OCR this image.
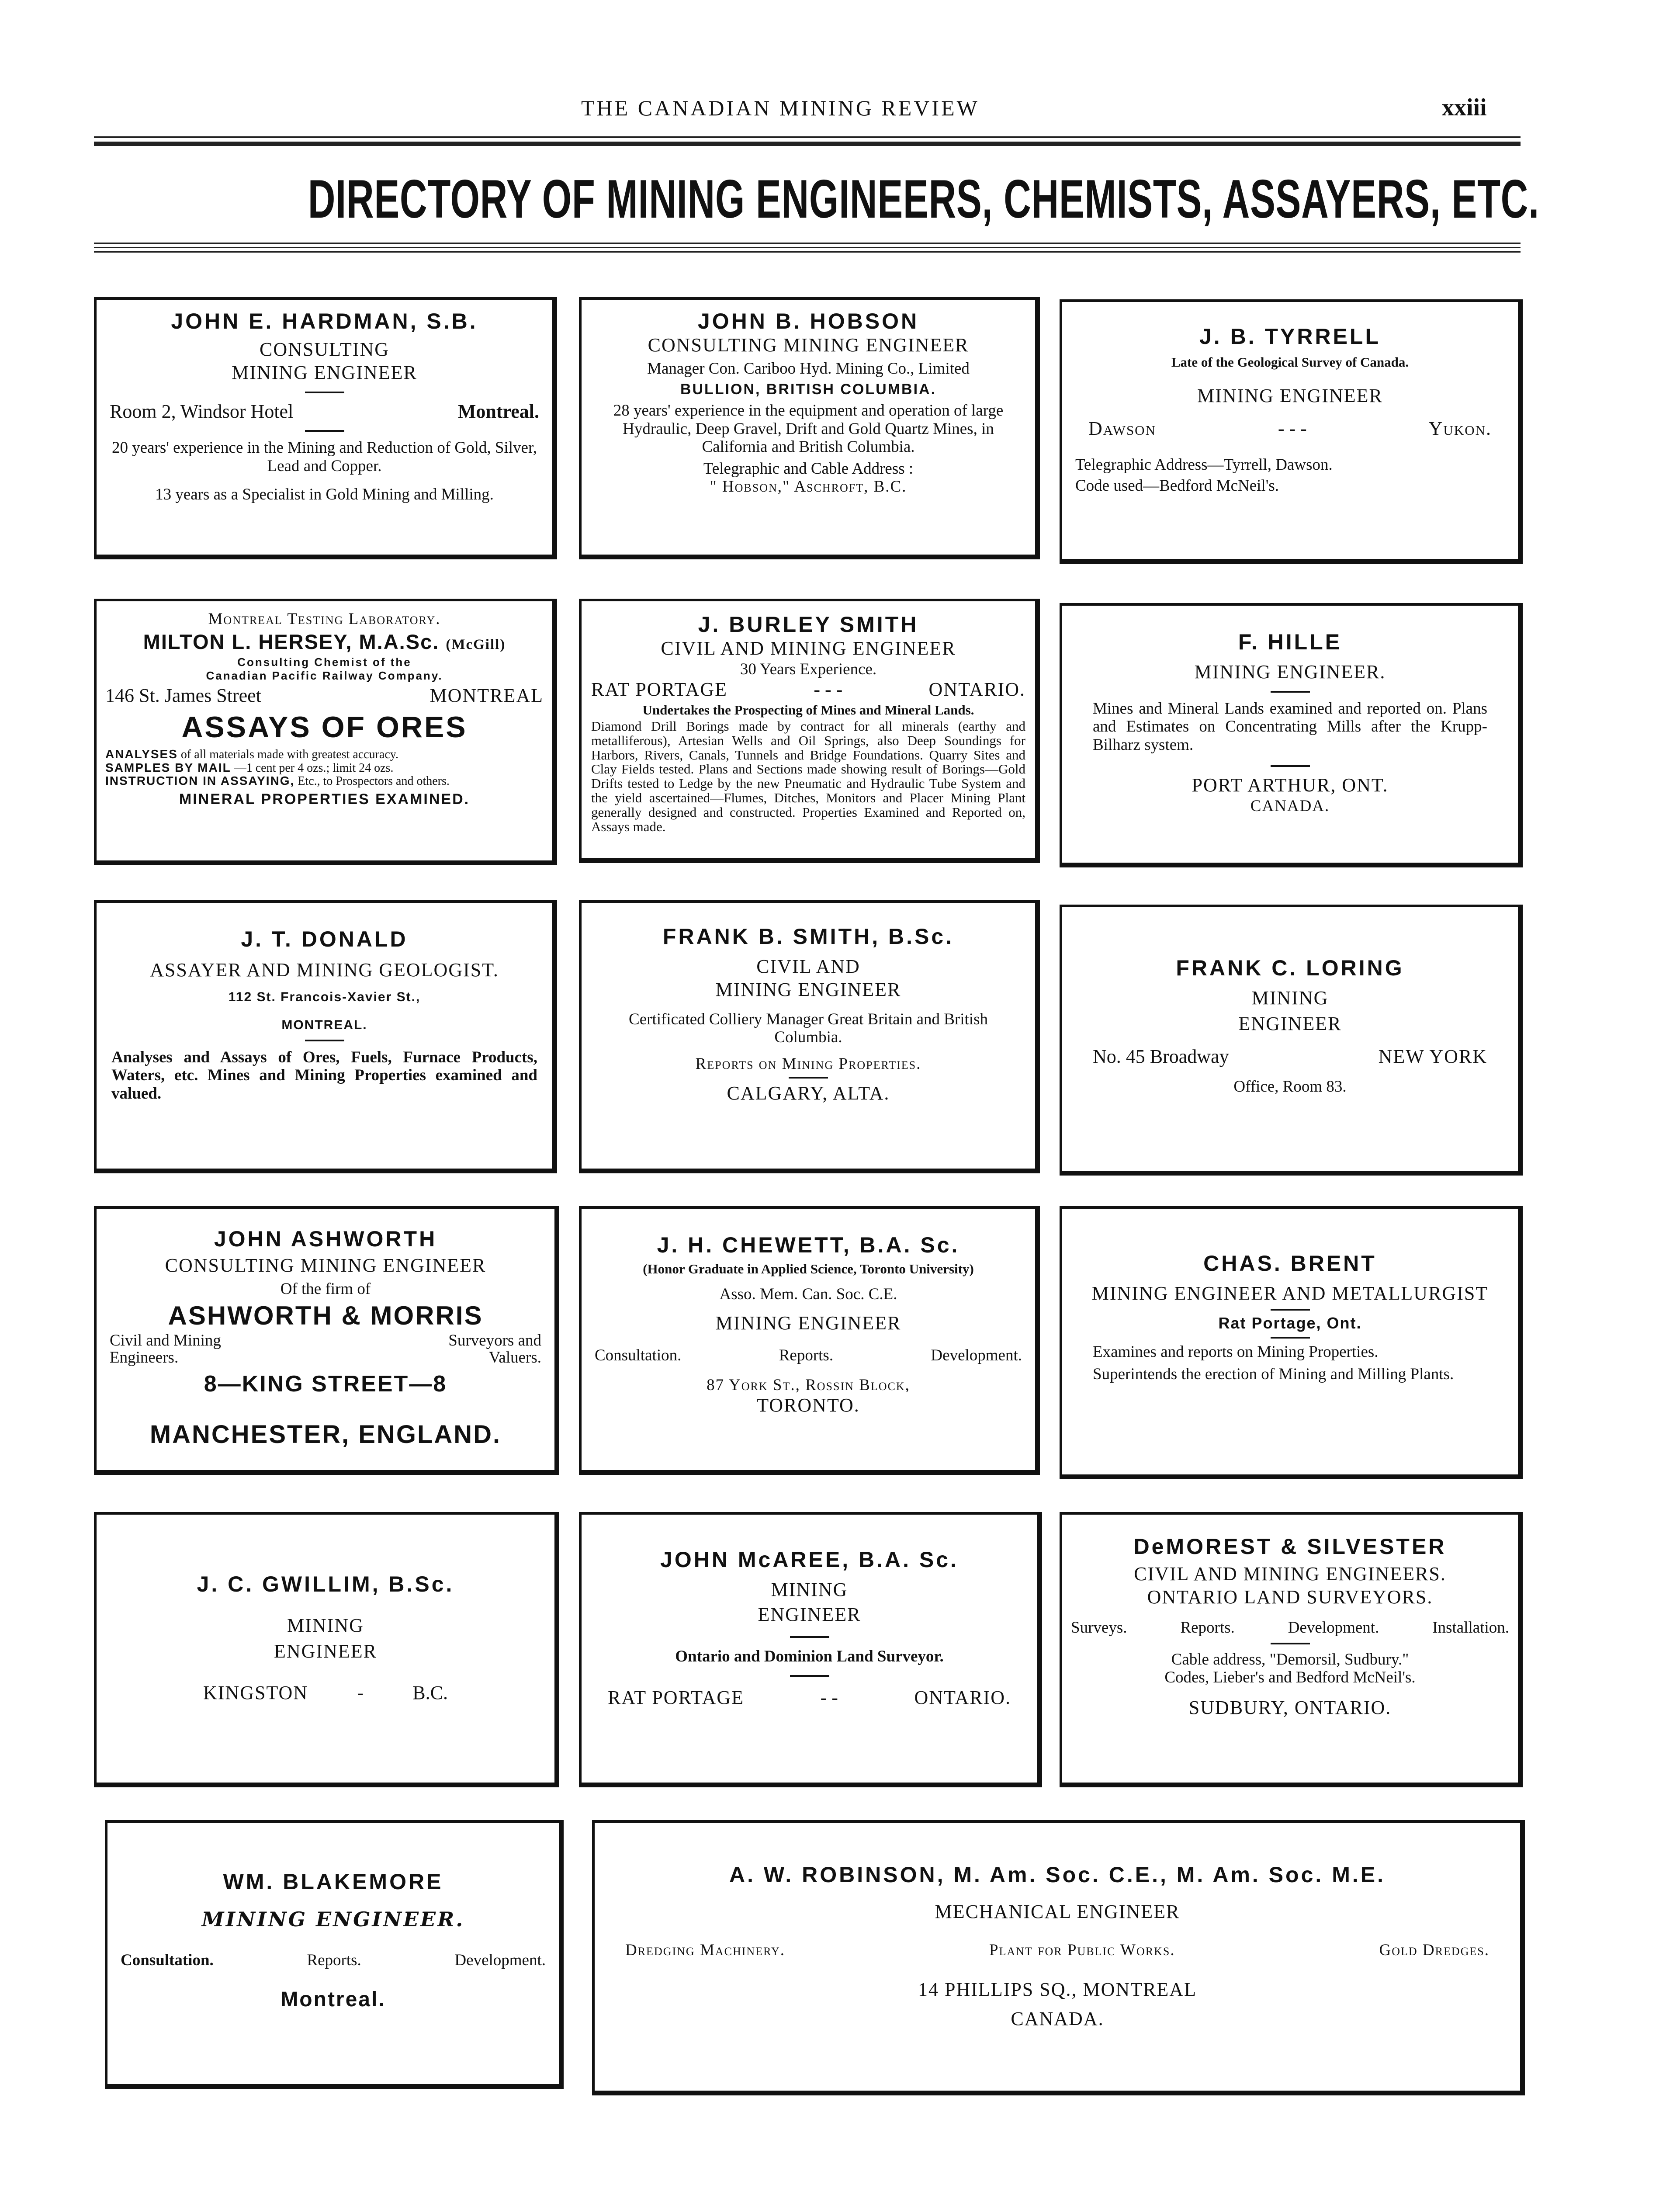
THE CANADIAN MINING REVIEW	xxiii
DIRECTORY OF MINING ENGINEERS, CHEMISTS, ASSAYERS, ETC.

JOHN E. HARDMAN, S.B.

CONSULTING

MINING ENGINEER

Room 2, Windsor Hotel	Montreal.

20 years' experience in the Mining and Reduction of Gold, Silver, Lead and Copper.

13 years as a Specialist in Gold Mining and Milling.

JOHN B. HOBSON

CONSULTING MINING ENGINEER

Manager Con. Cariboo Hyd. Mining Co., Limited

BULLION, BRITISH COLUMBIA.

28 years' experience in the equipment and operation of large Hydraulic, Deep Gravel, Drift and Gold Quartz Mines, in California and British Columbia.

Telegraphic and Cable Address :

" Hobson," Aschroft, B.C.

J. B. TYRRELL

Late of the Geological Survey of Canada.

MINING ENGINEER

Dawson	- - -	Yukon.

Telegraphic Address—Tyrrell, Dawson.

Code used—Bedford McNeil's.

Montreal Testing Laboratory.

MILTON L. HERSEY, M.A.Sc. (McGill)

Consulting Chemist of the

Canadian Pacific Railway Company.

146 St. James Street	MONTREAL

ASSAYS OF ORES

ANALYSES of all materials made with greatest accuracy.

SAMPLES BY MAIL —1 cent per 4 ozs.; limit 24 ozs.

INSTRUCTION IN ASSAYING, Etc., to Prospectors and others.

MINERAL PROPERTIES EXAMINED.

J. BURLEY SMITH

CIVIL AND MINING ENGINEER

30 Years Experience.

RAT PORTAGE	- - -	ONTARIO.

Undertakes the Prospecting of Mines and Mineral Lands.

Diamond Drill Borings made by contract for all minerals (earthy and metalliferous), Artesian Wells and Oil Springs, also Deep Soundings for Harbors, Rivers, Canals, Tunnels and Bridge Foundations. Quarry Sites and Clay Fields tested. Plans and Sections made showing result of Borings—Gold Drifts tested to Ledge by the new Pneumatic and Hydraulic Tube System and the yield ascertained—Flumes, Ditches, Monitors and Placer Mining Plant generally designed and constructed. Properties Examined and Reported on, Assays made.

F. HILLE

MINING ENGINEER.

Mines and Mineral Lands examined and reported on. Plans and Estimates on Concentrating Mills after the Krupp-Bilharz system.

PORT ARTHUR, ONT.

CANADA.

J. T. DONALD

ASSAYER AND MINING GEOLOGIST.

112 St. Francois-Xavier St.,

MONTREAL.

Analyses and Assays of Ores, Fuels, Furnace Products, Waters, etc. Mines and Mining Properties examined and valued.

FRANK B. SMITH, B.Sc.

CIVIL AND

MINING ENGINEER

Certificated Colliery Manager Great Britain and British Columbia.

Reports on Mining Properties.

CALGARY, ALTA.

FRANK C. LORING

MINING

ENGINEER

No. 45 Broadway	NEW YORK

Office, Room 83.

JOHN ASHWORTH

CONSULTING MINING ENGINEER

Of the firm of

ASHWORTH & MORRIS

Civil and Mining
Engineers.
Surveyors and
Valuers.

8—KING STREET—8

MANCHESTER, ENGLAND.

J. H. CHEWETT, B.A. Sc.

(Honor Graduate in Applied Science, Toronto University)

Asso. Mem. Can. Soc. C.E.

MINING ENGINEER

Consultation.	Reports.	Development.

87 York St., Rossin Block,

TORONTO.

CHAS. BRENT

MINING ENGINEER AND METALLURGIST

Rat Portage, Ont.

Examines and reports on Mining Properties.

Superintends the erection of Mining and Milling Plants.

J. C. GWILLIM, B.Sc.

MINING

ENGINEER

KINGSTON	-	B.C.

JOHN McAREE, B.A. Sc.

MINING

ENGINEER

Ontario and Dominion Land Surveyor.

RAT PORTAGE	- -	ONTARIO.

DeMOREST & SILVESTER

CIVIL AND MINING ENGINEERS.

ONTARIO LAND SURVEYORS.

Surveys.	Reports.	Development.	Installation.

Cable address, "Demorsil, Sudbury."

Codes, Lieber's and Bedford McNeil's.

SUDBURY, ONTARIO.

WM. BLAKEMORE

MINING ENGINEER.

Consultation.	Reports.	Development.

Montreal.

A. W. ROBINSON, M. Am. Soc. C.E., M. Am. Soc. M.E.

MECHANICAL ENGINEER

Dredging Machinery.	Plant for Public Works.	Gold Dredges.

14 PHILLIPS SQ., MONTREAL

CANADA.
